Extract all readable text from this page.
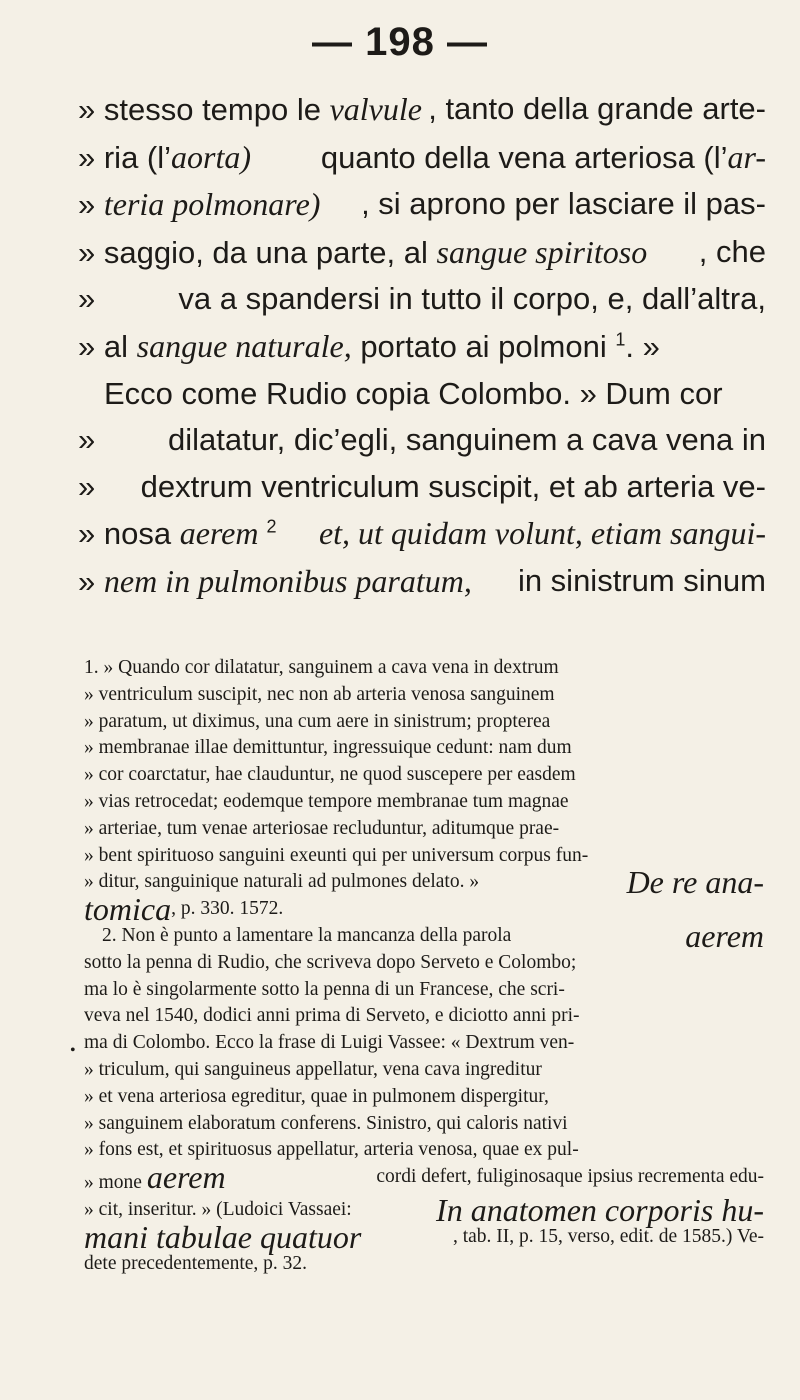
— 198 —
» stesso tempo le valvule , tanto della grande arte-
» ria (l’aorta) quanto della vena arteriosa (l’ar-
» teria polmonare) , si aprono per lasciare il pas-
» saggio, da una parte, al sangue spiritoso , che
»	va a spandersi in tutto il corpo, e, dall’altra,
» al sangue naturale, portato ai polmoni $^1$. »
Ecco come Rudio copia Colombo. » Dum cor
» dilatatur, dic’egli, sanguinem a cava vena in
» dextrum ventriculum suscipit, et ab arteria ve-
» nosa aerem $^2$ et, ut quidam volunt, etiam sangui-
» nem in pulmonibus paratum, in sinistrum sinum
1. » Quando cor dilatatur, sanguinem a cava vena in dextrum
» ventriculum suscipit, nec non ab arteria venosa sanguinem
» paratum, ut diximus, una cum aere in sinistrum; propterea
» membranae illae demittuntur, ingressuique cedunt: nam dum
» cor coarctatur, hae clauduntur, ne quod suscepere per easdem
» vias retrocedat; eodemque tempore membranae tum magnae
» arteriae, tum venae arteriosae recluduntur, aditumque prae-
» bent spirituoso sanguini exeunti qui per universum corpus fun-
» ditur, sanguinique naturali ad pulmones delato. »	De re ana-
tomica , p. 330. 1572.
2. Non è punto a lamentare la mancanza della parola	aerem
sotto la penna di Rudio, che scriveva dopo Serveto e Colombo;
ma lo è singolarmente sotto la penna di un Francese, che scri-
veva nel 1540, dodici anni prima di Serveto, e diciotto anni pri-
ma di Colombo. Ecco la frase di Luigi Vassee: « Dextrum ven-
» triculum, qui sanguineus appellatur, vena cava ingreditur
» et vena arteriosa egreditur, quae in pulmonem dispergitur,
» sanguinem elaboratum conferens. Sinistro, qui caloris nativi
» fons est, et spirituosus appellatur, arteria venosa, quae ex pul-
» mone aerem	cordi defert, fuliginosaque ipsius recrementa edu-
» cit, inseritur. » (Ludoici Vassaei:	In anatomen corporis hu-
mani tabulae quatuor	, tab. II, p. 15, verso, edit. de 1585.) Ve-
dete precedentemente, p. 32.
•
